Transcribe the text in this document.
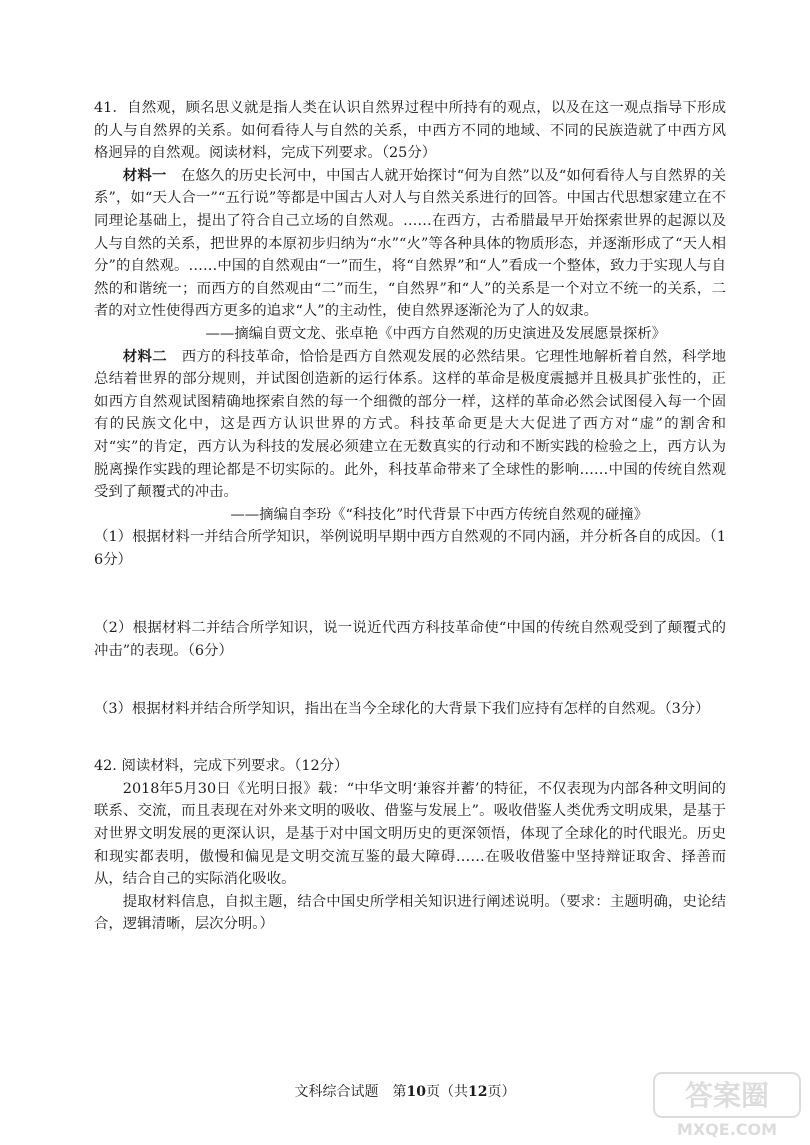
41．自然观，顾名思义就是指人类在认识自然界过程中所持有的观点，以及在这一观点指导下形成的人与自然界的关系。如何看待人与自然的关系，中西方不同的地域、不同的民族造就了中西方风格迥异的自然观。阅读材料，完成下列要求。（25分）

材料一　在悠久的历史长河中，中国古人就开始探讨“何为自然”以及“如何看待人与自然界的关系”，如“天人合一”“五行说”等都是中国古人对人与自然关系进行的回答。中国古代思想家建立在不同理论基础上，提出了符合自己立场的自然观。……在西方，古希腊最早开始探索世界的起源以及人与自然的关系，把世界的本原初步归纳为“水”“火”等各种具体的物质形态，并逐渐形成了“天人相分”的自然观。……中国的自然观由“一”而生，将“自然界”和“人”看成一个整体，致力于实现人与自然的和谐统一；而西方的自然观由“二”而生，“自然界”和“人”的关系是一个对立不统一的关系，二者的对立性使得西方更多的追求“人”的主动性，使自然界逐渐沦为了人的奴隶。

——摘编自贾文龙、张卓艳《中西方自然观的历史演进及发展愿景探析》

材料二　西方的科技革命，恰恰是西方自然观发展的必然结果。它理性地解析着自然，科学地总结着世界的部分规则，并试图创造新的运行体系。这样的革命是极度震撼并且极具扩张性的，正如西方自然观试图精确地探索自然的每一个细微的部分一样，这样的革命必然会试图侵入每一个固有的民族文化中，这是西方认识世界的方式。科技革命更是大大促进了西方对“虚”的割舍和对“实”的肯定，西方认为科技的发展必须建立在无数真实的行动和不断实践的检验之上，西方认为脱离操作实践的理论都是不切实际的。此外，科技革命带来了全球性的影响……中国的传统自然观受到了颠覆式的冲击。

——摘编自李玢《“科技化”时代背景下中西方传统自然观的碰撞》

（1）根据材料一并结合所学知识，举例说明早期中西方自然观的不同内涵，并分析各自的成因。（16分）

（2）根据材料二并结合所学知识，说一说近代西方科技革命使“中国的传统自然观受到了颠覆式的冲击”的表现。（6分）

（3）根据材料并结合所学知识，指出在当今全球化的大背景下我们应持有怎样的自然观。（3分）

42. 阅读材料，完成下列要求。（12分）

2018年5月30日《光明日报》载：“中华文明‘兼容并蓄’的特征，不仅表现为内部各种文明间的联系、交流，而且表现在对外来文明的吸收、借鉴与发展上”。吸收借鉴人类优秀文明成果，是基于对世界文明发展的更深认识，是基于对中国文明历史的更深领悟，体现了全球化的时代眼光。历史和现实都表明，傲慢和偏见是文明交流互鉴的最大障碍……在吸收借鉴中坚持辩证取舍、择善而从，结合自己的实际消化吸收。

提取材料信息，自拟主题，结合中国史所学相关知识进行阐述说明。（要求：主题明确，史论结合，逻辑清晰，层次分明。）

文科综合试题　第10页（共12页）	答案圈
MXQE.COM
